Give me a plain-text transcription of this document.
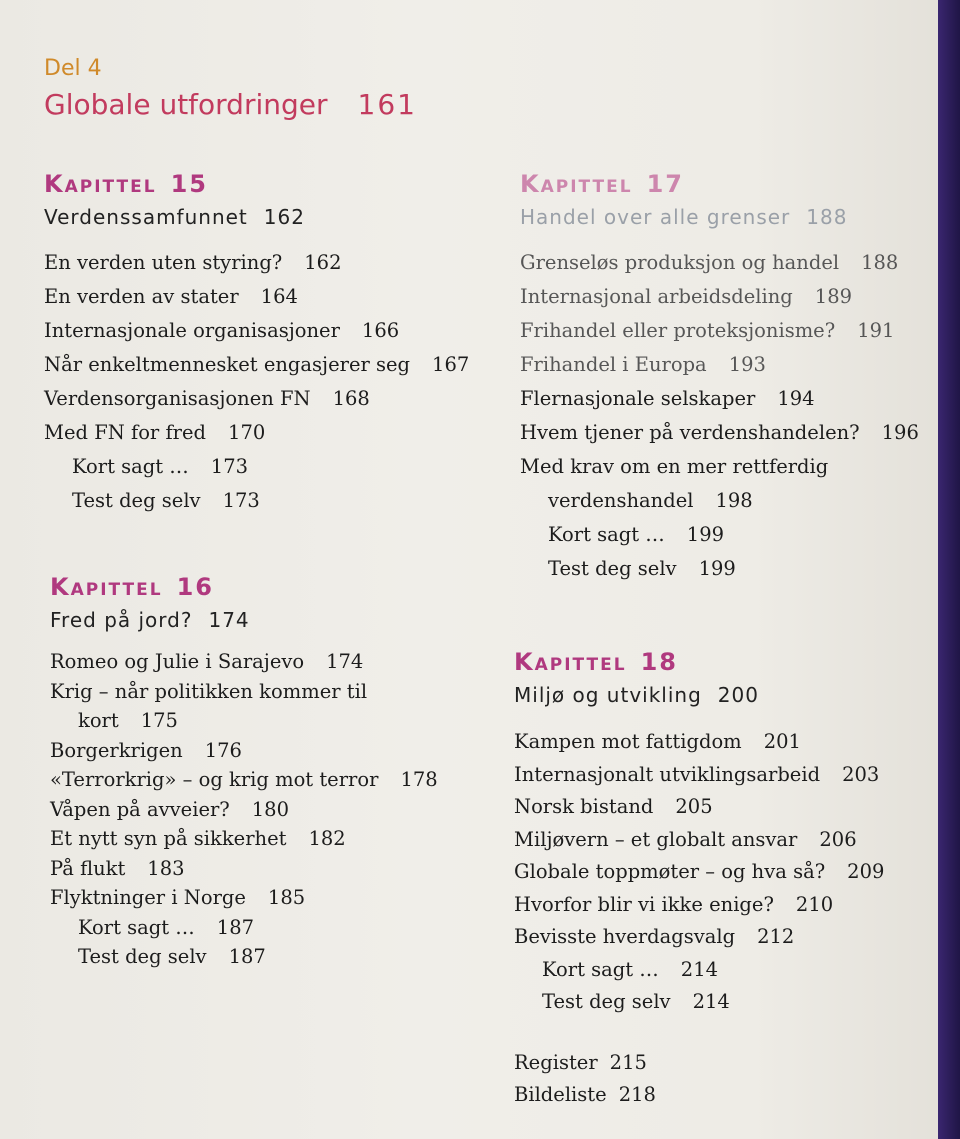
Del 4
Globale utfordringer 161
Kapittel 15
Verdenssamfunnet 162
En verden uten styring? 162
En verden av stater 164
Internasjonale organisasjoner 166
Når enkeltmennesket engasjerer seg 167
Verdensorganisasjonen FN 168
Med FN for fred 170
Kort sagt … 173
Test deg selv 173
Kapittel 16
Fred på jord? 174
Romeo og Julie i Sarajevo 174
Krig – når politikken kommer til
kort 175
Borgerkrigen 176
«Terrorkrig» – og krig mot terror 178
Våpen på avveier? 180
Et nytt syn på sikkerhet 182
På flukt 183
Flyktninger i Norge 185
Kort sagt … 187
Test deg selv 187
Kapittel 17
Handel over alle grenser 188
Grenseløs produksjon og handel 188
Internasjonal arbeidsdeling 189
Frihandel eller proteksjonisme? 191
Frihandel i Europa 193
Flernasjonale selskaper 194
Hvem tjener på verdenshandelen? 196
Med krav om en mer rettferdig
verdenshandel 198
Kort sagt … 199
Test deg selv 199
Kapittel 18
Miljø og utvikling 200
Kampen mot fattigdom 201
Internasjonalt utviklingsarbeid 203
Norsk bistand 205
Miljøvern – et globalt ansvar 206
Globale toppmøter – og hva så? 209
Hvorfor blir vi ikke enige? 210
Bevisste hverdagsvalg 212
Kort sagt … 214
Test deg selv 214
Register 215
Bildeliste 218
